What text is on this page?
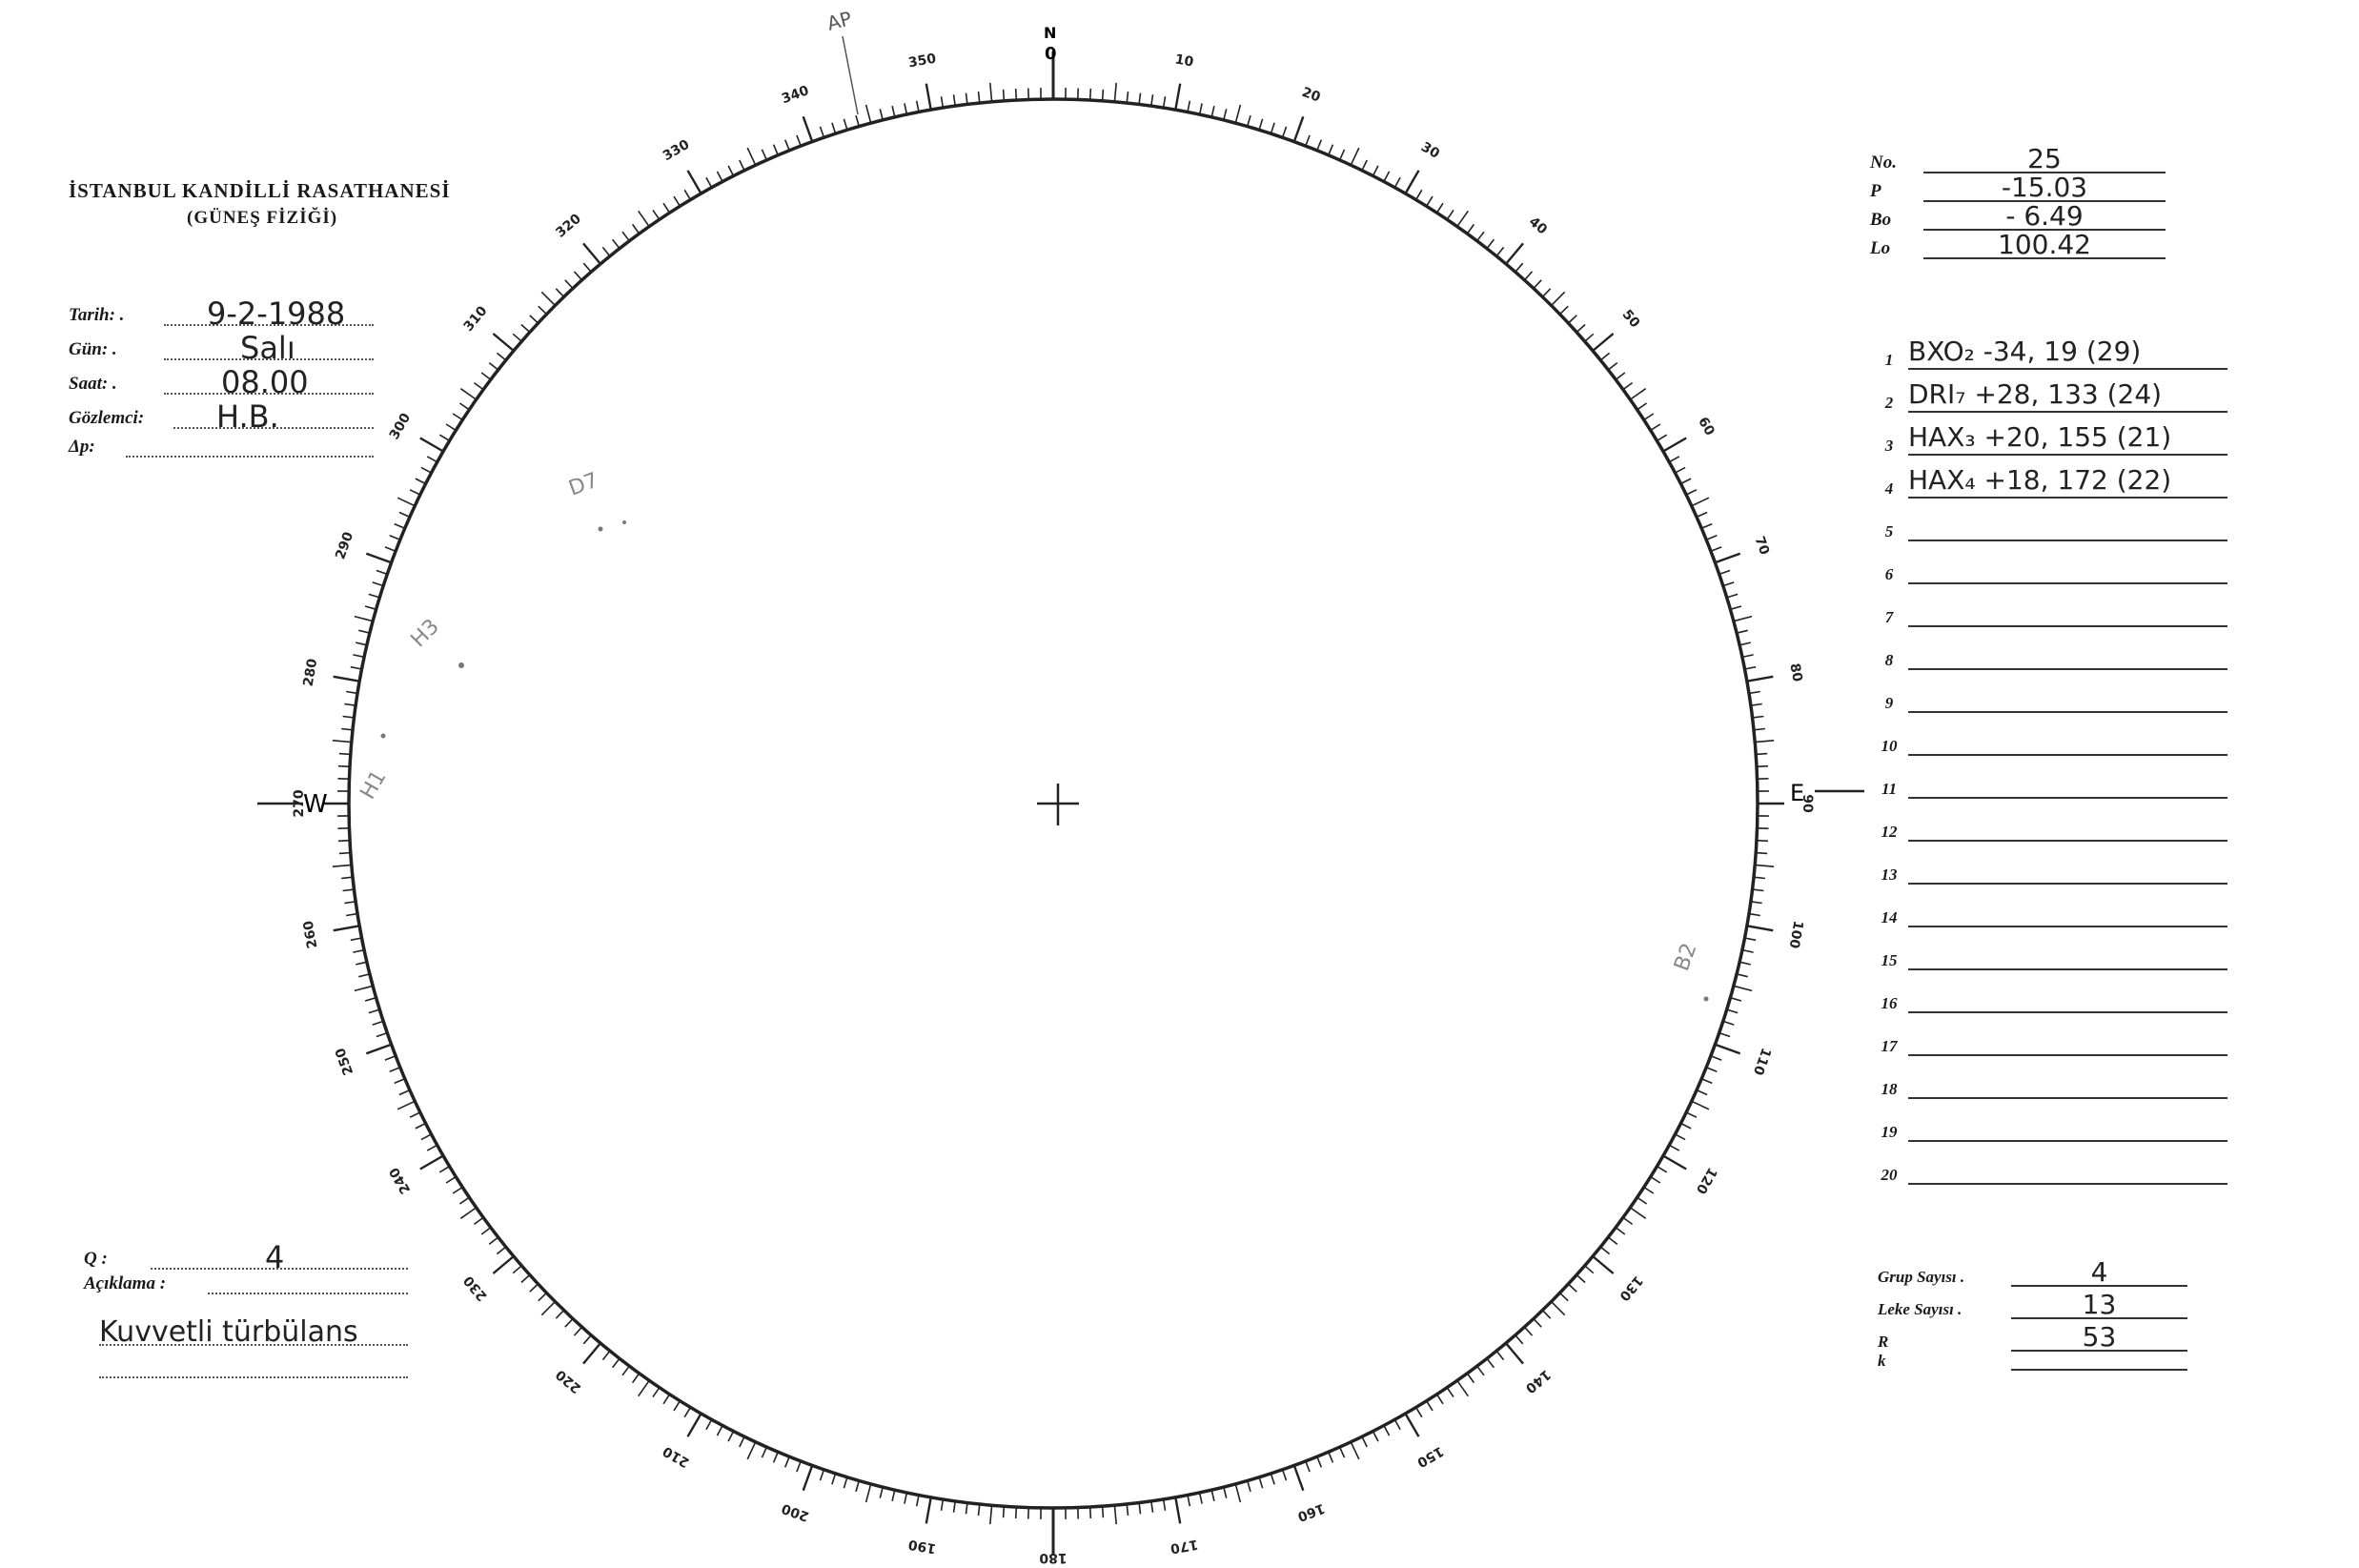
İSTANBUL KANDİLLİ RASATHANESİ
(GÜNEŞ FİZİĞİ)
Tarih: .	9-2-1988
Gün: .	Salı
Saat: .	08.00
Gözlemci:	H.B.
Δp:
No.	25
P	-15.03
Bo	- 6.49
Lo	100.42
1 BXO₂ -34, 19 (29)
2 DRI₇ +28, 133 (24)
3 HAX₃ +20, 155 (21)
4 HAX₄ +18, 172 (22)
5
6
7
8
9
10
11
12
13
14
15
16
17
18
19
20
Grup Sayısı .	4
Leke Sayısı .	13
R	53
k
Q :	4
Açıklama :
Kuvvetli türbülans
10
20
30
40
50
60
70
80
90
100
110
120
130
140
150
160
170
180
190
200
210
220
230
240
250
260
270
280
290
300
310
320
330
340
350
W	E
N
0
AP
H1
H3
D7
B2
